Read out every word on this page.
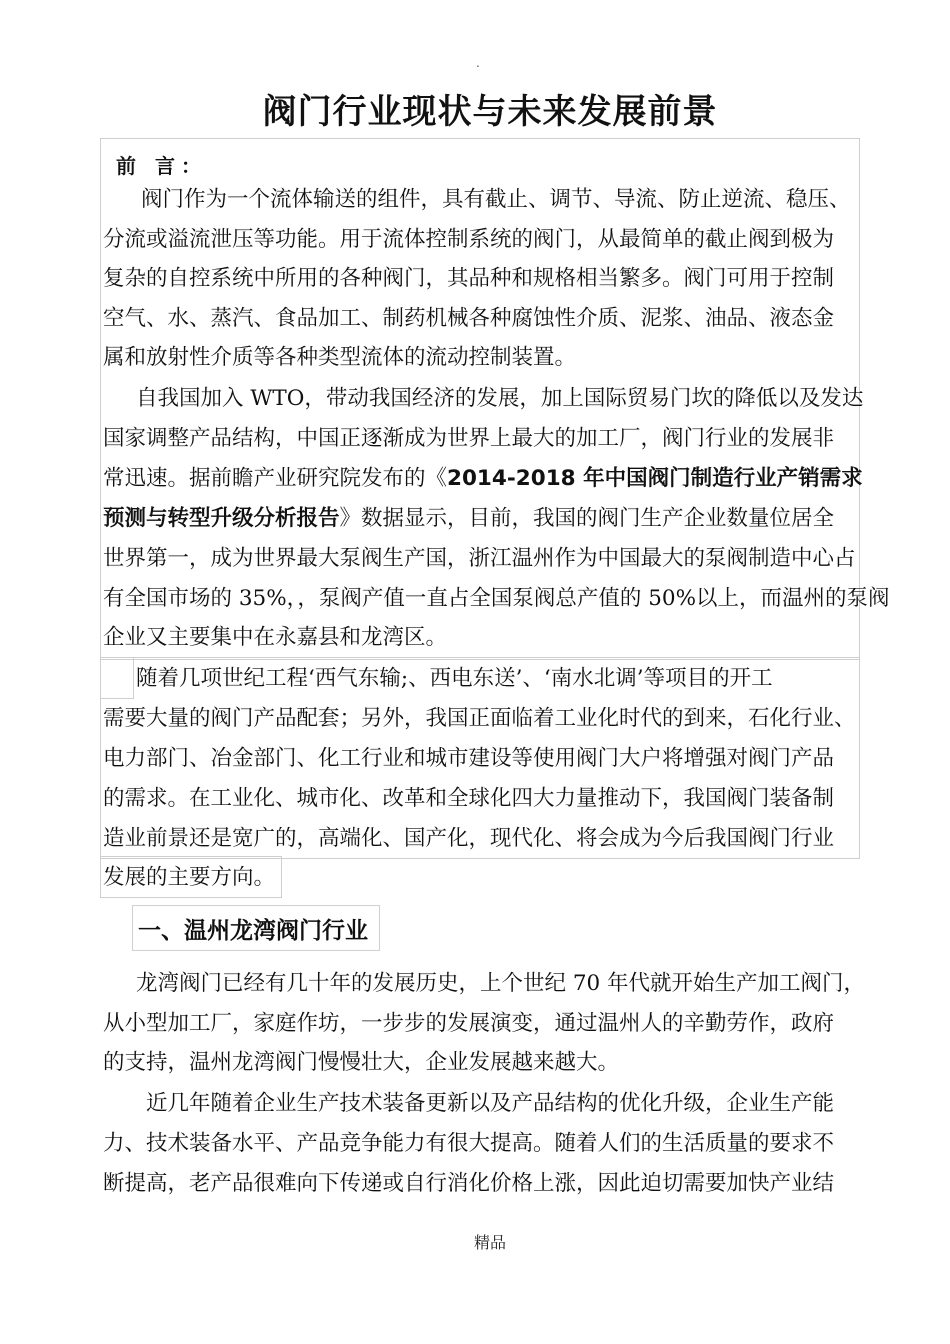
.
阀门行业现状与未来发展前景
前 言：
阀门作为一个流体输送的组件，具有截止、调节、导流、防止逆流、稳压、
分流或溢流泄压等功能。用于流体控制系统的阀门，从最简单的截止阀到极为
复杂的自控系统中所用的各种阀门，其品种和规格相当繁多。阀门可用于控制
空气、水、蒸汽、食品加工、制药机械各种腐蚀性介质、泥浆、油品、液态金
属和放射性介质等各种类型流体的流动控制装置。
自我国加入 WTO，带动我国经济的发展，加上国际贸易门坎的降低以及发达
国家调整产品结构，中国正逐渐成为世界上最大的加工厂，阀门行业的发展非
常迅速。据前瞻产业研究院发布的《2014-2018 年中国阀门制造行业产销需求
预测与转型升级分析报告》数据显示，目前，我国的阀门生产企业数量位居全
世界第一，成为世界最大泵阀生产国，浙江温州作为中国最大的泵阀制造中心占
有全国市场的 35%，，泵阀产值一直占全国泵阀总产值的 50%以上，而温州的泵阀
企业又主要集中在永嘉县和龙湾区。
随着几项世纪工程‘西气东输;、西电东送’、‘南水北调’等项目的开工
需要大量的阀门产品配套；另外，我国正面临着工业化时代的到来，石化行业、
电力部门、冶金部门、化工行业和城市建设等使用阀门大户将增强对阀门产品
的需求。在工业化、城市化、改革和全球化四大力量推动下，我国阀门装备制
造业前景还是宽广的，高端化、国产化，现代化、将会成为今后我国阀门行业
发展的主要方向。
一、温州龙湾阀门行业
龙湾阀门已经有几十年的发展历史，上个世纪 70 年代就开始生产加工阀门，
从小型加工厂，家庭作坊，一步步的发展演变，通过温州人的辛勤劳作，政府
的支持，温州龙湾阀门慢慢壮大，企业发展越来越大。
近几年随着企业生产技术装备更新以及产品结构的优化升级，企业生产能
力、技术装备水平、产品竞争能力有很大提高。随着人们的生活质量的要求不
断提高，老产品很难向下传递或自行消化价格上涨，因此迫切需要加快产业结
精品
